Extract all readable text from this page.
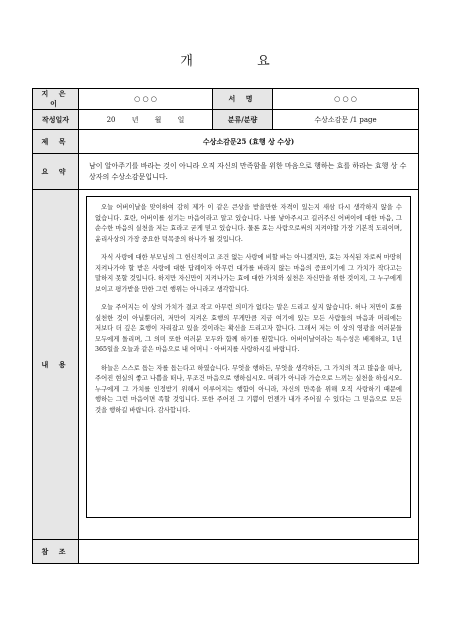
개 요
지 은 이	○ ○ ○	서 명	○ ○ ○
작성일자	20 년 월 일	분류/분량	수상소감문 /1 page
제 목	수상소감문25 (효행 상 수상)		
요 약	남이 알아주기를 바라는 것이 아니라 오직 자신의 만족함을 위한 마음으로 행하는 효를 하라는 효행 상 수상자의 수상소감문입니다.		
내 용	오늘 어버이날을 맞이하여 감히 제가 이 같은 큰상을 받을만한 자격이 있는지 새삼 다시 생각하지 않을 수 없습니다. 효란, 어버이를 섬기는 마음이라고 알고 있습니다. 나를 낳아주시고 길러주신 어버이에 대한 마음, 그 순수한 마음의 실천을 저는 효라고 굳게 믿고 있습니다. 물론 효는 사람으로써의 지켜야할 가장 기본적 도리이며, 윤리사상의 가장 중요한 덕목중의 하나가 될 것입니다.

자식 사랑에 대한 부모님의 그 헌신적이고 조건 없는 사랑에 비할 바는 아니겠지만, 효는 자식된 자로써 마땅히 지켜나가야 할 받은 사랑에 대한 답례이자 아무런 대가를 바라지 않는 마음의 증표이기에 그 가치가 작다고는 말하지 못할 것입니다. 하지만 자신만이 지켜나가는 효에 대한 가치와 실천은 자신만을 위한 것이지, 그 누구에게 보이고 평가받을 만한 그런 행위는 아니라고 생각합니다.

오늘 주어지는 이 상의 가치가 결코 작고 아무런 의미가 없다는 말은 드리고 싶지 않습니다. 허나 저만이 효를 실천한 것이 아닐뿐더러, 저만이 지켜온 효행의 무게만큼 지금 여기에 있는 모든 사람들의 마음과 머리에는 저보다 더 깊은 효행이 자리잡고 있을 것이라는 확신을 드리고자 합니다. 그래서 저는 이 상의 영광을 여러분들 모두에게 돌리며, 그 의미 또한 여러분 모두와 함께 하기를 원합니다. 어버이날이라는 특수성은 배제하고, 1년 365일을 오늘과 같은 마음으로 내 어머니 · 아버지를 사랑하시길 바랍니다.

하늘은 스스로 돕는 자를 돕는다고 하였습니다. 무엇을 행하든, 무엇을 생각하든, 그 가치의 적고 많음을 떠나, 주어진 현실의 좋고 나쁨을 떠나, 무조건 마음으로 행하십시오. 머리가 아니라 가슴으로 느끼는 실천을 하십시오. 누구에게 그 가치를 인정받기 위해서 이루어지는 행함이 아니라, 자신의 만족을 위해 오직 사랑하기 때문에 행하는 그런 마음이면 족할 것입니다. 또한 주어진 그 기쁨이 언젠가 내가 주어질 수 있다는 그 믿음으로 모든 것을 행하길 바랍니다. 감사합니다.		

참 조			
